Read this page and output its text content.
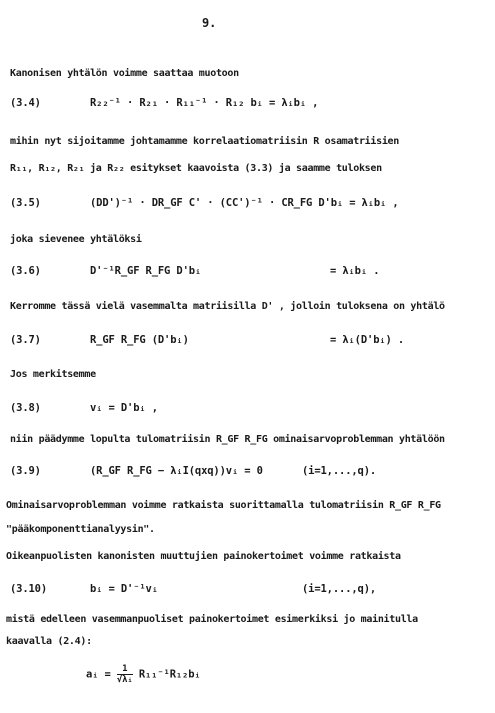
9.
Kanonisen yhtälön voimme saattaa muotoon
(3.4)	R₂₂⁻¹ · R₂₁ · R₁₁⁻¹ · R₁₂ bᵢ = λᵢbᵢ ,
mihin nyt sijoitamme johtamamme korrelaatiomatriisin R osamatriisien
R₁₁, R₁₂, R₂₁ ja R₂₂ esitykset kaavoista (3.3) ja saamme tuloksen
(3.5)	(DD')⁻¹ · DR_GF C' · (CC')⁻¹ · CR_FG D'bᵢ = λᵢbᵢ ,
joka sievenee yhtälöksi
(3.6)	D'⁻¹R_GF R_FG D'bᵢ	= λᵢbᵢ .
Kerromme tässä vielä vasemmalta matriisilla D' , jolloin tuloksena on yhtälö
(3.7)	R_GF R_FG (D'bᵢ)	= λᵢ(D'bᵢ) .
Jos merkitsemme
(3.8)	vᵢ = D'bᵢ ,
niin päädymme lopulta tulomatriisin R_GF R_FG ominaisarvoproblemman yhtälöön
(3.9)	(R_GF R_FG − λᵢI(qxq))vᵢ = 0	(i=1,...,q).
Ominaisarvoproblemman voimme ratkaista suorittamalla tulomatriisin R_GF R_FG
"pääkomponenttianalyysin".
Oikeanpuolisten kanonisten muuttujien painokertoimet voimme ratkaista
(3.10)	bᵢ = D'⁻¹vᵢ	(i=1,...,q),
mistä edelleen vasemmanpuoliset painokertoimet esimerkiksi jo mainitulla
kaavalla (2.4):
aᵢ = $\frac{1}{\text{√λᵢ}}$ R₁₁⁻¹R₁₂bᵢ
